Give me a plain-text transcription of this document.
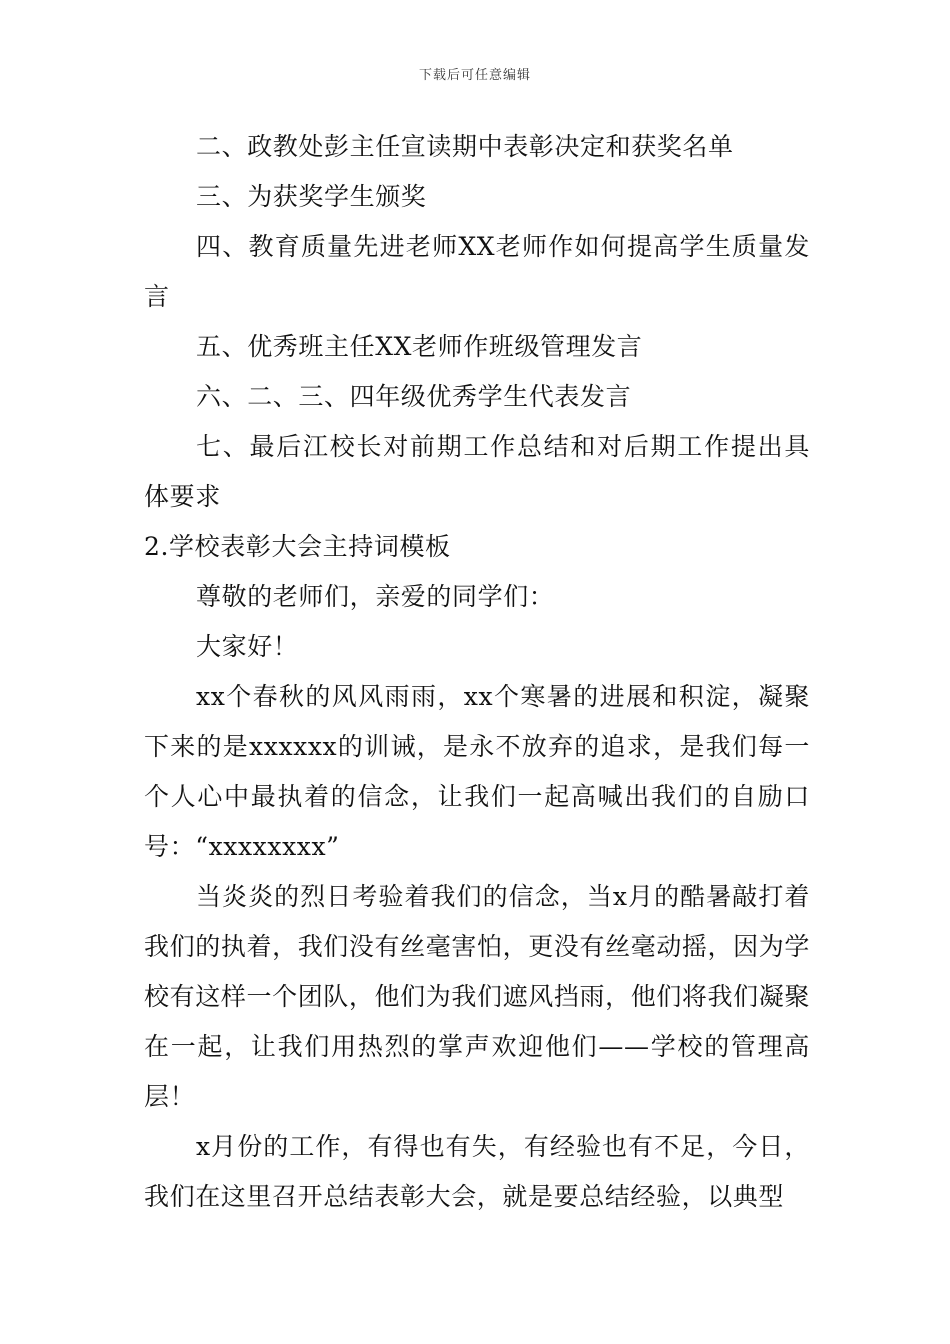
下载后可任意编辑

二、政教处彭主任宣读期中表彰决定和获奖名单

三、为获奖学生颁奖

四、教育质量先进老师XX老师作如何提高学生质量发言

五、优秀班主任XX老师作班级管理发言

六、二、三、四年级优秀学生代表发言

七、最后江校长对前期工作总结和对后期工作提出具体要求

2.学校表彰大会主持词模板

尊敬的老师们，亲爱的同学们：

大家好！

xx个春秋的风风雨雨，xx个寒暑的进展和积淀，凝聚下来的是xxxxxx的训诫，是永不放弃的追求，是我们每一个人心中最执着的信念，让我们一起高喊出我们的自励口号：“xxxxxxxx”

当炎炎的烈日考验着我们的信念，当x月的酷暑敲打着我们的执着，我们没有丝毫害怕，更没有丝毫动摇，因为学校有这样一个团队，他们为我们遮风挡雨，他们将我们凝聚在一起，让我们用热烈的掌声欢迎他们——学校的管理高层！

x月份的工作，有得也有失，有经验也有不足，今日，我们在这里召开总结表彰大会，就是要总结经验，以典型
